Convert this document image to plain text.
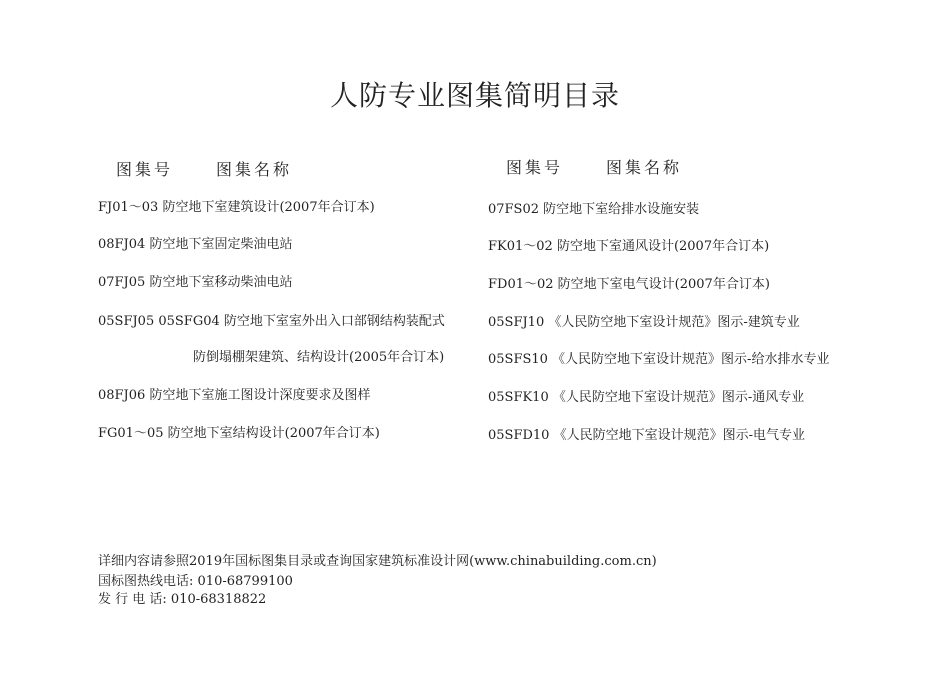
人防专业图集简明目录
图集号	图集名称	图集号	图集名称
FJ01～03 防空地下室建筑设计(2007年合订本)
08FJ04 防空地下室固定柴油电站
07FJ05 防空地下室移动柴油电站
05SFJ05 05SFG04 防空地下室室外出入口部钢结构装配式
防倒塌棚架建筑、结构设计(2005年合订本)
08FJ06 防空地下室施工图设计深度要求及图样
FG01～05 防空地下室结构设计(2007年合订本)
07FS02 防空地下室给排水设施安装
FK01～02 防空地下室通风设计(2007年合订本)
FD01～02 防空地下室电气设计(2007年合订本)
05SFJ10 《人民防空地下室设计规范》图示-建筑专业
05SFS10 《人民防空地下室设计规范》图示-给水排水专业
05SFK10 《人民防空地下室设计规范》图示-通风专业
05SFD10 《人民防空地下室设计规范》图示-电气专业
详细内容请参照2019年国标图集目录或查询国家建筑标准设计网(www.chinabuilding.com.cn)
国标图热线电话: 010-68799100
发 行 电 话: 010-68318822
